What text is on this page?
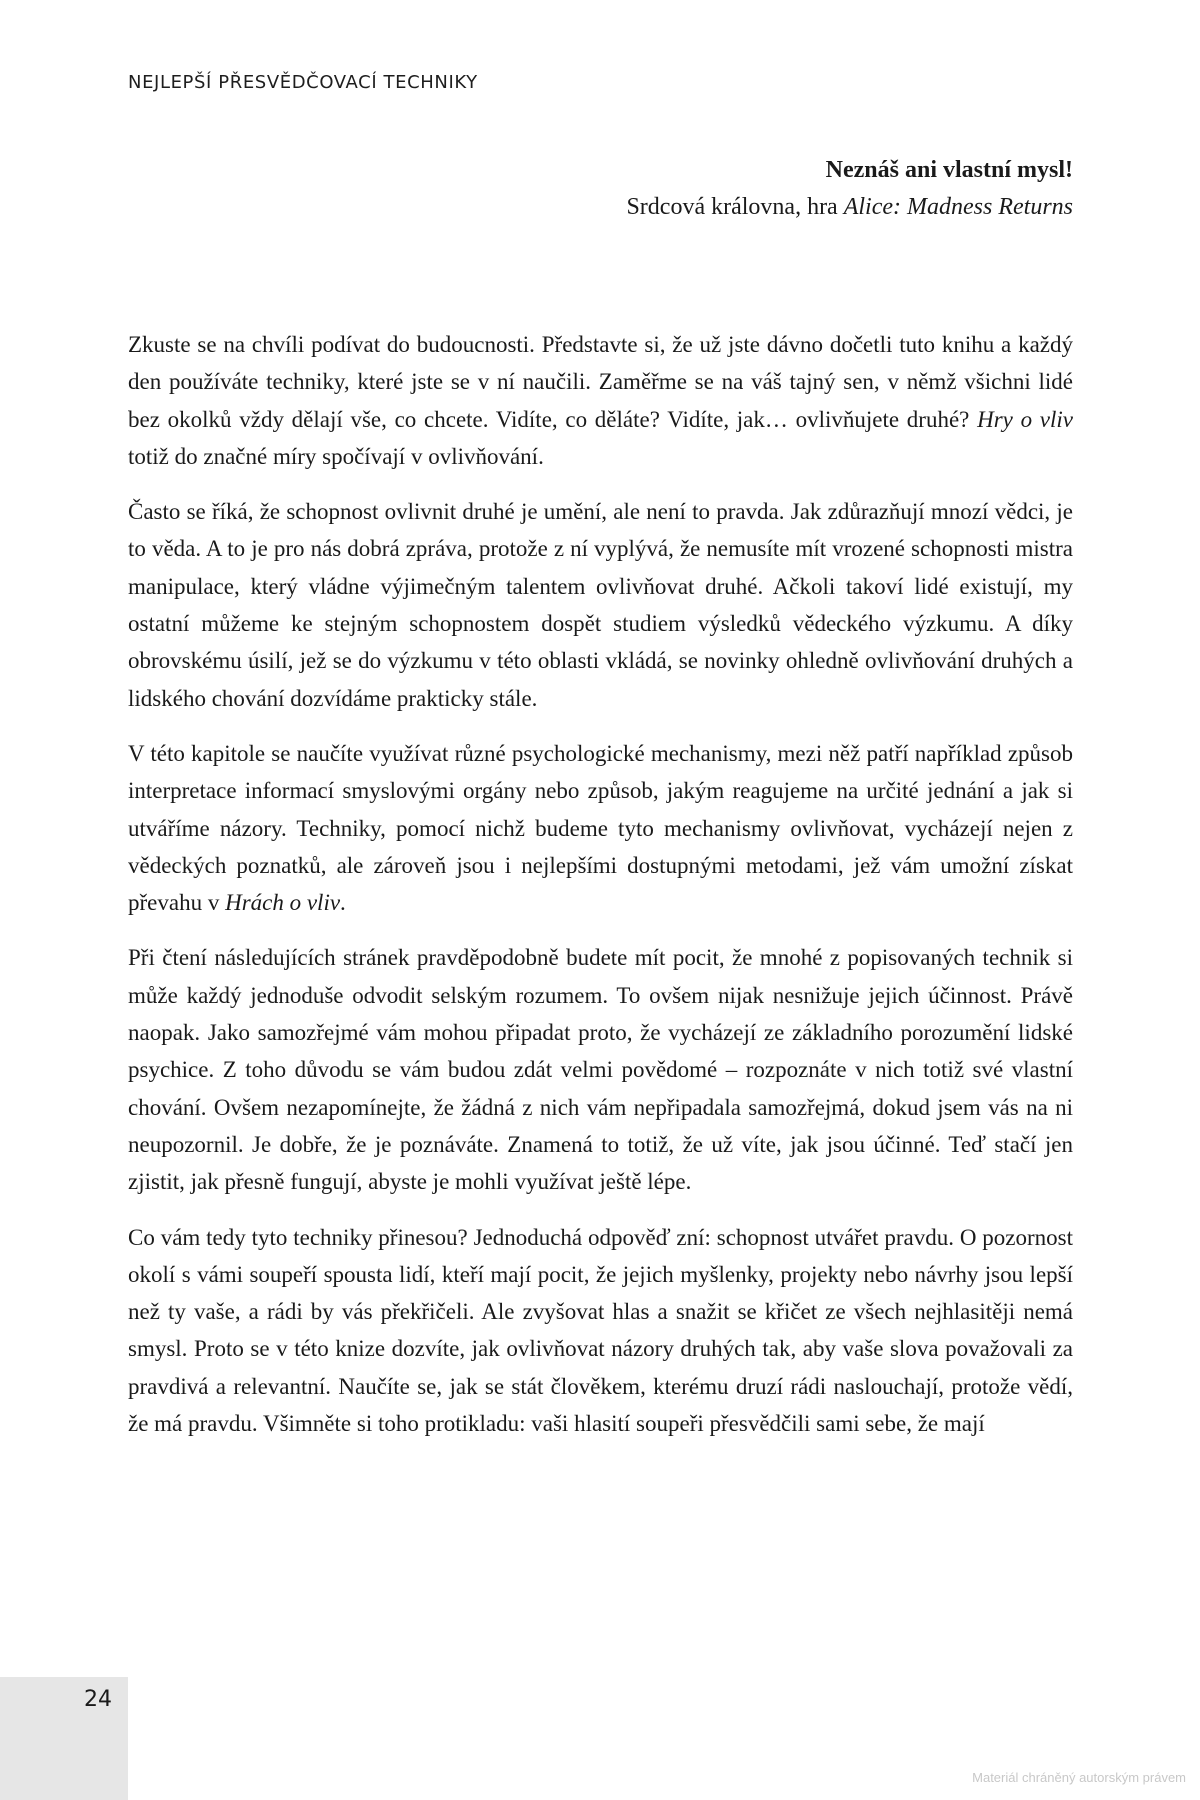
NEJLEPŠÍ PŘESVĚDČOVACÍ TECHNIKY
Neznáš ani vlastní mysl!
Srdcová královna, hra Alice: Madness Returns

Zkuste se na chvíli podívat do budoucnosti. Představte si, že už jste dávno dočetli tuto knihu a každý den používáte techniky, které jste se v ní naučili. Zaměřme se na váš tajný sen, v němž všichni lidé bez okolků vždy dělají vše, co chcete. Vidíte, co děláte? Vidíte, jak… ovlivňujete druhé? Hry o vliv totiž do značné míry spočívají v ovlivňování.

Často se říká, že schopnost ovlivnit druhé je umění, ale není to pravda. Jak zdůrazňují mnozí vědci, je to věda. A to je pro nás dobrá zpráva, protože z ní vyplývá, že nemusíte mít vrozené schopnosti mistra manipulace, který vládne výjimečným talentem ovlivňovat druhé. Ačkoli takoví lidé existují, my ostatní můžeme ke stejným schopnostem dospět studiem výsledků vědeckého výzkumu. A díky obrovskému úsilí, jež se do výzkumu v této oblasti vkládá, se novinky ohledně ovlivňování druhých a lidského chování dozvídáme prakticky stále.

V této kapitole se naučíte využívat různé psychologické mechanismy, mezi něž patří například způsob interpretace informací smyslovými orgány nebo způsob, jakým reagujeme na určité jednání a jak si utváříme názory. Techniky, pomocí nichž budeme tyto mechanismy ovlivňovat, vycházejí nejen z vědeckých poznatků, ale zároveň jsou i nejlepšími dostupnými metodami, jež vám umožní získat převahu v Hrách o vliv.

Při čtení následujících stránek pravděpodobně budete mít pocit, že mnohé z popisovaných technik si může každý jednoduše odvodit selským rozumem. To ovšem nijak nesnižuje jejich účinnost. Právě naopak. Jako samozřejmé vám mohou připadat proto, že vycházejí ze základního porozumění lidské psychice. Z toho důvodu se vám budou zdát velmi povědomé – rozpoznáte v nich totiž své vlastní chování. Ovšem nezapomínejte, že žádná z nich vám nepřipadala samozřejmá, dokud jsem vás na ni neupozornil. Je dobře, že je poznáváte. Znamená to totiž, že už víte, jak jsou účinné. Teď stačí jen zjistit, jak přesně fungují, abyste je mohli využívat ještě lépe.

Co vám tedy tyto techniky přinesou? Jednoduchá odpověď zní: schopnost utvářet pravdu. O pozornost okolí s vámi soupeří spousta lidí, kteří mají pocit, že jejich myšlenky, projekty nebo návrhy jsou lepší než ty vaše, a rádi by vás překřičeli. Ale zvyšovat hlas a snažit se křičet ze všech nejhlasitěji nemá smysl. Proto se v této knize dozvíte, jak ovlivňovat názory druhých tak, aby vaše slova považovali za pravdivá a relevantní. Naučíte se, jak se stát člověkem, kterému druzí rádi naslouchají, protože vědí, že má pravdu. Všimněte si toho protikladu: vaši hlasití soupeři přesvědčili sami sebe, že mají

24
Materiál chráněný autorským právem
